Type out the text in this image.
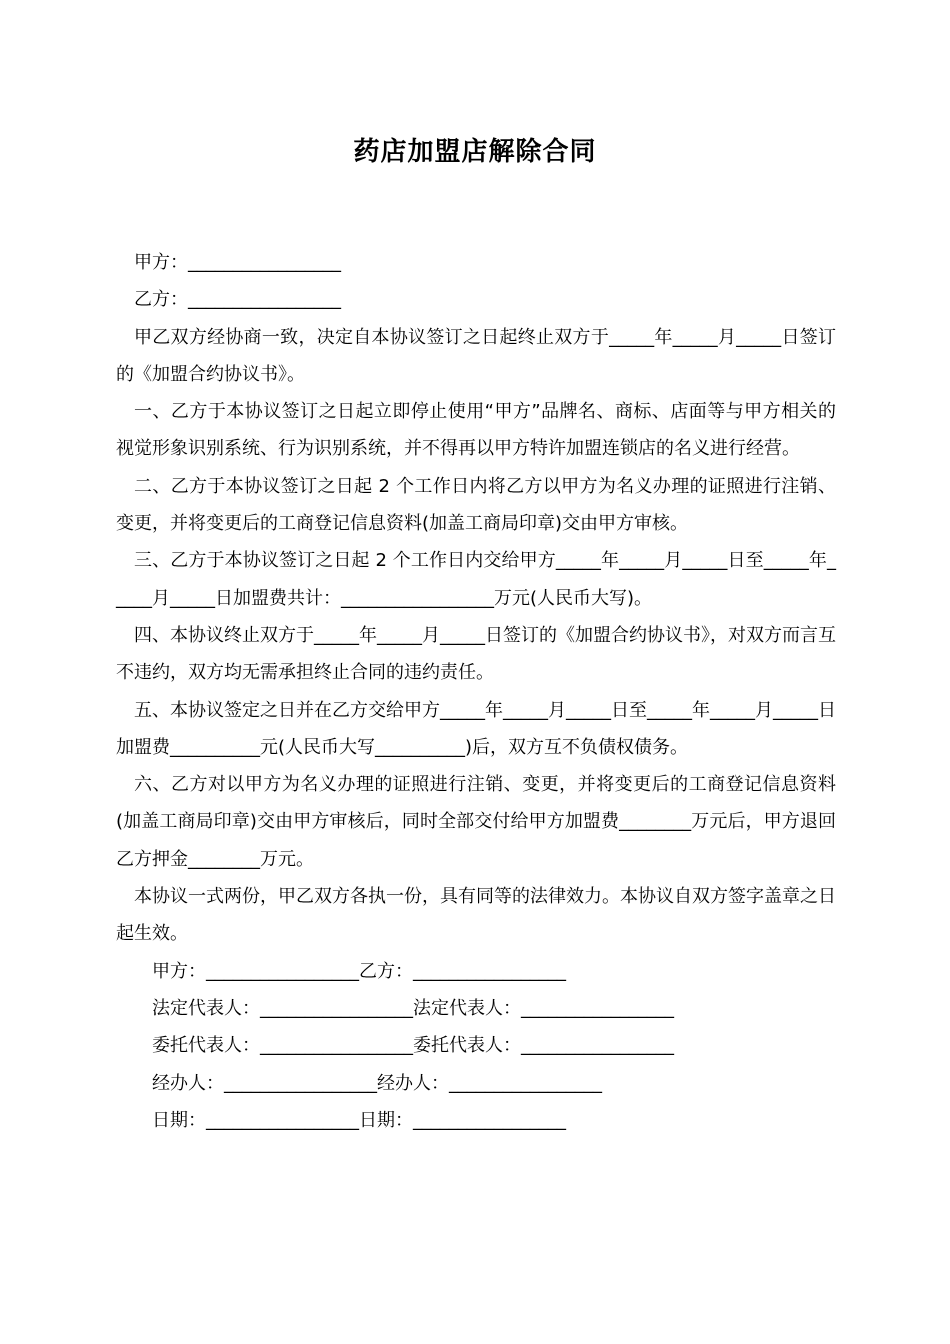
药店加盟店解除合同

甲方：_________________

乙方：_________________

甲乙双方经协商一致，决定自本协议签订之日起终止双方于_____年_____月_____日签订的《加盟合约协议书》。

一、乙方于本协议签订之日起立即停止使用“甲方”品牌名、商标、店面等与甲方相关的视觉形象识别系统、行为识别系统，并不得再以甲方特许加盟连锁店的名义进行经营。

二、乙方于本协议签订之日起 2 个工作日内将乙方以甲方为名义办理的证照进行注销、变更，并将变更后的工商登记信息资料(加盖工商局印章)交由甲方审核。

三、乙方于本协议签订之日起 2 个工作日内交给甲方_____年_____月_____日至_____年_____月_____日加盟费共计：_________________万元(人民币大写)。

四、本协议终止双方于_____年_____月_____日签订的《加盟合约协议书》，对双方而言互不违约，双方均无需承担终止合同的违约责任。

五、本协议签定之日并在乙方交给甲方_____年_____月_____日至_____年_____月_____日加盟费__________元(人民币大写__________)后，双方互不负债权债务。

六、乙方对以甲方为名义办理的证照进行注销、变更，并将变更后的工商登记信息资料(加盖工商局印章)交由甲方审核后，同时全部交付给甲方加盟费________万元后，甲方退回乙方押金________万元。

本协议一式两份，甲乙双方各执一份，具有同等的法律效力。本协议自双方签字盖章之日起生效。

甲方：_________________乙方：_________________

法定代表人：_________________法定代表人：_________________

委托代表人：_________________委托代表人：_________________

经办人：_________________经办人：_________________

日期：_________________日期：_________________
